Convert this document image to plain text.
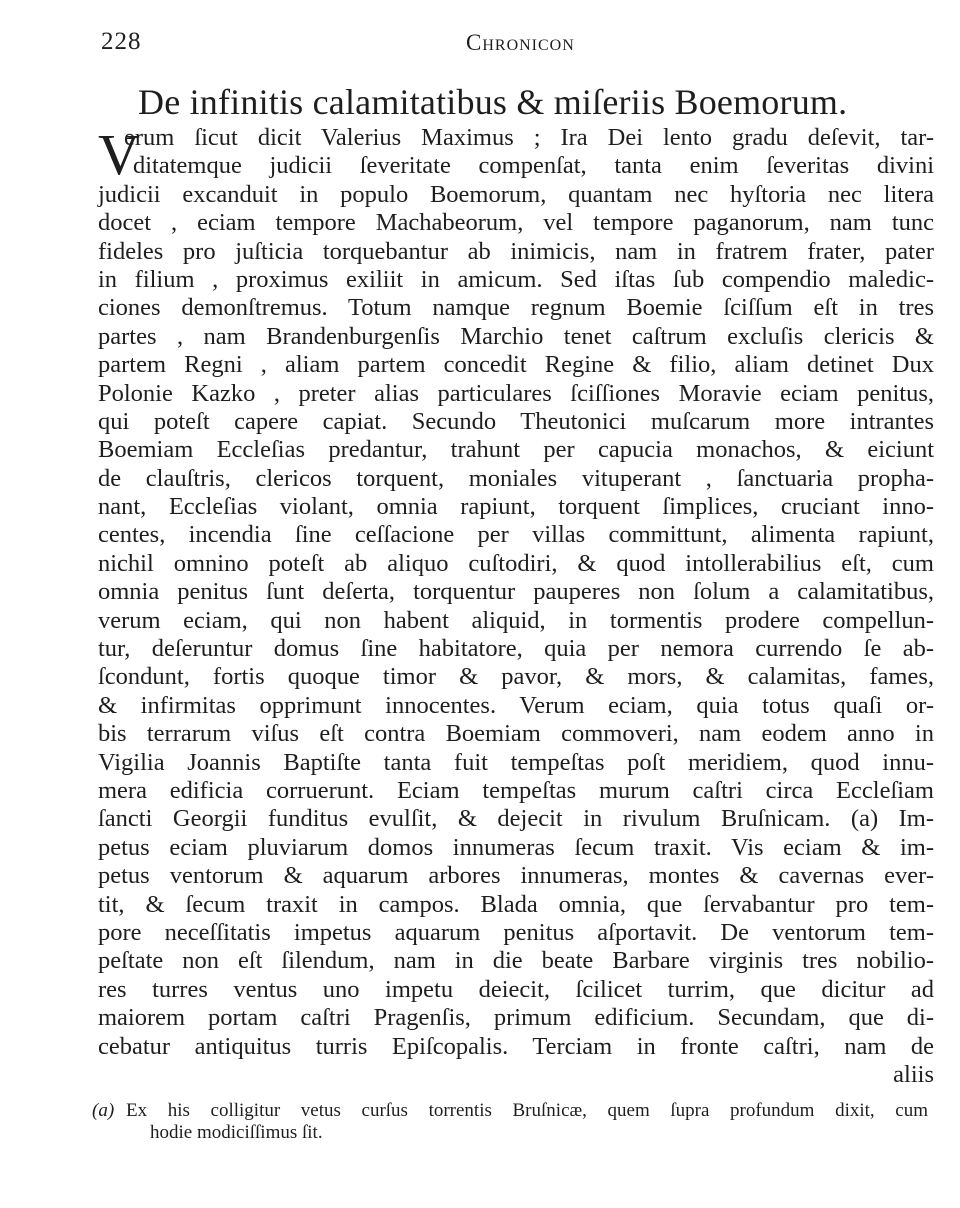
228	Chronicon
De infinitis calamitatibus & miſeriis Boemorum.
V
erum ſicut dicit Valerius Maximus ; Ira Dei lento gradu deſevit, tar-
ditatemque judicii ſeveritate compenſat, tanta enim ſeveritas divini
judicii excanduit in populo Boemorum, quantam nec hyſtoria nec litera
docet , eciam tempore Machabeorum, vel tempore paganorum, nam tunc
fideles pro juſticia torquebantur ab inimicis, nam in fratrem frater, pater
in filium , proximus exiliit in amicum. Sed iſtas ſub compendio maledic-
ciones demonſtremus. Totum namque regnum Boemie ſciſſum eſt in tres
partes , nam Brandenburgenſis Marchio tenet caſtrum excluſis clericis &
partem Regni , aliam partem concedit Regine & filio, aliam detinet Dux
Polonie Kazko , preter alias particulares ſciſſiones Moravie eciam penitus,
qui poteſt capere capiat. Secundo Theutonici muſcarum more intrantes
Boemiam Eccleſias predantur, trahunt per capucia monachos, & eiciunt
de clauſtris, clericos torquent, moniales vituperant , ſanctuaria propha-
nant, Eccleſias violant, omnia rapiunt, torquent ſimplices, cruciant inno-
centes, incendia ſine ceſſacione per villas committunt, alimenta rapiunt,
nichil omnino poteſt ab aliquo cuſtodiri, & quod intollerabilius eſt, cum
omnia penitus ſunt deſerta, torquentur pauperes non ſolum a calamitatibus,
verum eciam, qui non habent aliquid, in tormentis prodere compellun-
tur, deſeruntur domus ſine habitatore, quia per nemora currendo ſe ab-
ſcondunt, fortis quoque timor & pavor, & mors, & calamitas, fames,
& infirmitas opprimunt innocentes. Verum eciam, quia totus quaſi or-
bis terrarum viſus eſt contra Boemiam commoveri, nam eodem anno in
Vigilia Joannis Baptiſte tanta fuit tempeſtas poſt meridiem, quod innu-
mera edificia corruerunt. Eciam tempeſtas murum caſtri circa Eccleſiam
ſancti Georgii funditus evulſit, & dejecit in rivulum Bruſnicam. (a) Im-
petus eciam pluviarum domos innumeras ſecum traxit. Vis eciam & im-
petus ventorum & aquarum arbores innumeras, montes & cavernas ever-
tit, & ſecum traxit in campos. Blada omnia, que ſervabantur pro tem-
pore neceſſitatis impetus aquarum penitus aſportavit. De ventorum tem-
peſtate non eſt ſilendum, nam in die beate Barbare virginis tres nobilio-
res turres ventus uno impetu deiecit, ſcilicet turrim, que dicitur ad
maiorem portam caſtri Pragenſis, primum edificium. Secundam, que di-
cebatur antiquitus turris Epiſcopalis. Terciam in fronte caſtri, nam de
aliis
(a) Ex his colligitur vetus curſus torrentis Bruſnicæ, quem ſupra profundum dixit, cum
hodie modiciſſimus ſit.
